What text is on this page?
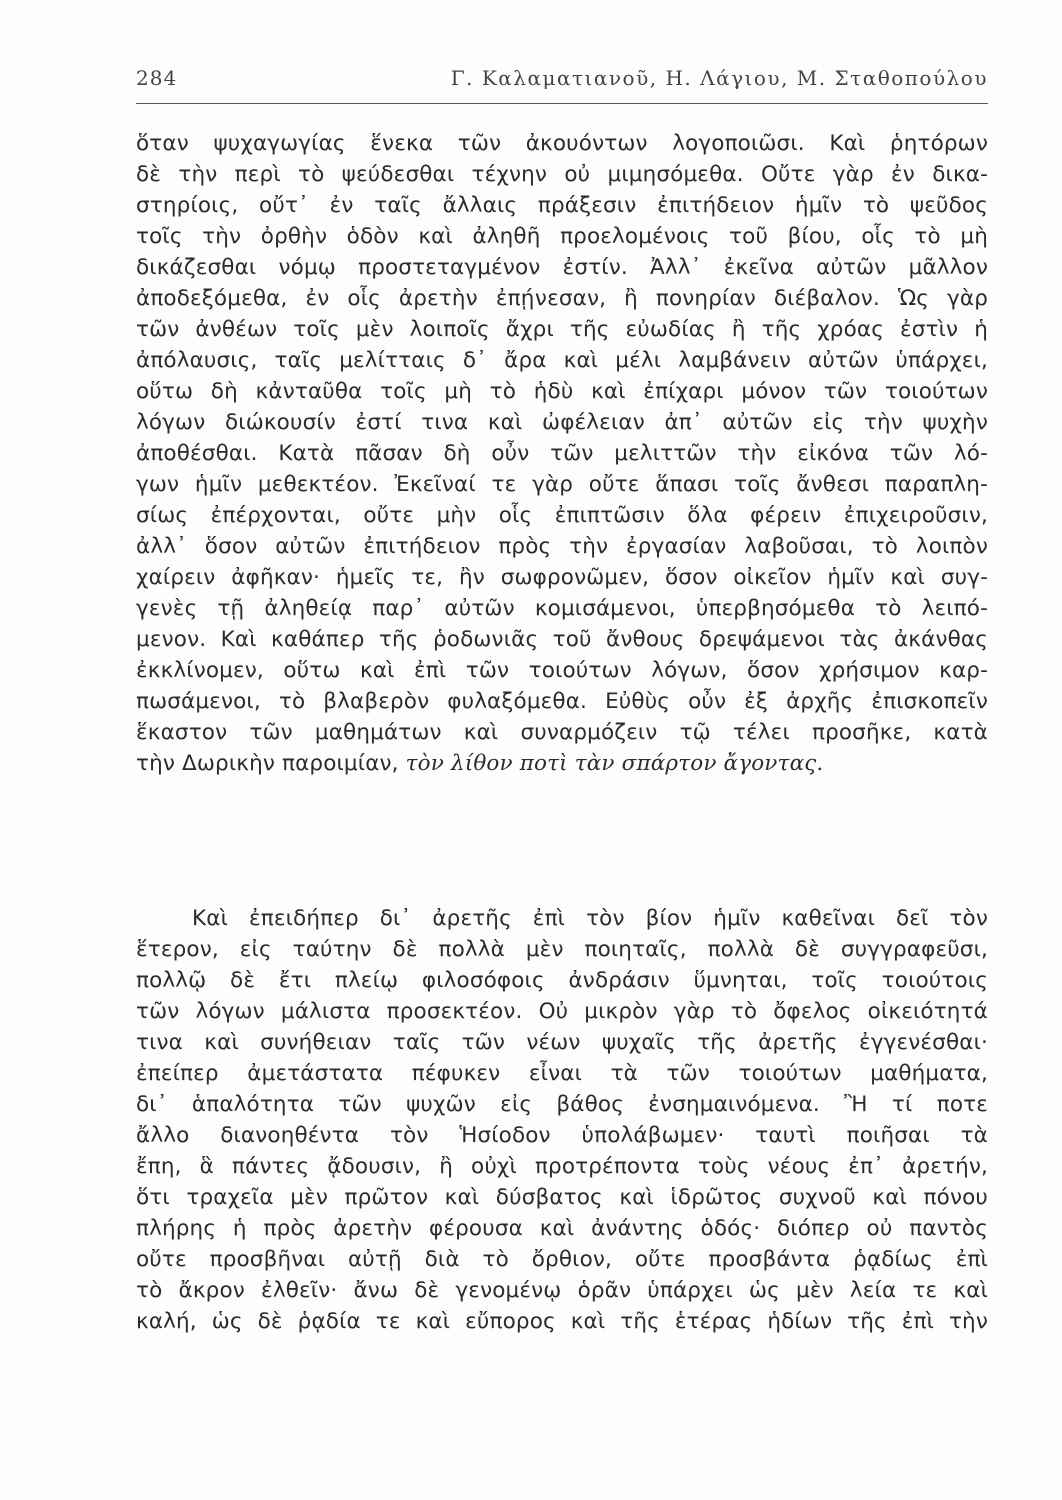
284	Γ. Καλαματιανοῦ, Η. Λάγιου, Μ. Σταθοπούλου
ὅταν ψυχαγωγίας ἕνεκα τῶν ἀκουόντων λογοποιῶσι. Καὶ ῥητόρων
δὲ τὴν περὶ τὸ ψεύδεσθαι τέχνην οὐ μιμησόμεθα. Οὔτε γὰρ ἐν δικα-
στηρίοις, οὔτ᾽ ἐν ταῖς ἄλλαις πράξεσιν ἐπιτήδειον ἡμῖν τὸ ψεῦδος
τοῖς τὴν ὀρθὴν ὁδὸν καὶ ἀληθῆ προελομένοις τοῦ βίου, οἷς τὸ μὴ
δικάζεσθαι νόμῳ προστεταγμένον ἐστίν. Ἀλλ᾽ ἐκεῖνα αὐτῶν μᾶλλον
ἀποδεξόμεθα, ἐν οἷς ἀρετὴν ἐπῄνεσαν, ἢ πονηρίαν διέβαλον. Ὡς γὰρ
τῶν ἀνθέων τοῖς μὲν λοιποῖς ἄχρι τῆς εὐωδίας ἢ τῆς χρόας ἐστὶν ἡ
ἀπόλαυσις, ταῖς μελίτταις δ᾽ ἄρα καὶ μέλι λαμβάνειν αὐτῶν ὑπάρχει,
οὕτω δὴ κἀνταῦθα τοῖς μὴ τὸ ἡδὺ καὶ ἐπίχαρι μόνον τῶν τοιούτων
λόγων διώκουσίν ἐστί τινα καὶ ὠφέλειαν ἀπ᾽ αὐτῶν εἰς τὴν ψυχὴν
ἀποθέσθαι. Κατὰ πᾶσαν δὴ οὖν τῶν μελιττῶν τὴν εἰκόνα τῶν λό-
γων ἡμῖν μεθεκτέον. Ἐκεῖναί τε γὰρ οὔτε ἅπασι τοῖς ἄνθεσι παραπλη-
σίως ἐπέρχονται, οὔτε μὴν οἷς ἐπιπτῶσιν ὅλα φέρειν ἐπιχειροῦσιν,
ἀλλ᾽ ὅσον αὐτῶν ἐπιτήδειον πρὸς τὴν ἐργασίαν λαβοῦσαι, τὸ λοιπὸν
χαίρειν ἀφῆκαν· ἡμεῖς τε, ἢν σωφρονῶμεν, ὅσον οἰκεῖον ἡμῖν καὶ συγ-
γενὲς τῇ ἀληθείᾳ παρ᾽ αὐτῶν κομισάμενοι, ὑπερβησόμεθα τὸ λειπό-
μενον. Καὶ καθάπερ τῆς ῥοδωνιᾶς τοῦ ἄνθους δρεψάμενοι τὰς ἀκάνθας
ἐκκλίνομεν, οὕτω καὶ ἐπὶ τῶν τοιούτων λόγων, ὅσον χρήσιμον καρ-
πωσάμενοι, τὸ βλαβερὸν φυλαξόμεθα. Εὐθὺς οὖν ἐξ ἀρχῆς ἐπισκοπεῖν
ἕκαστον τῶν μαθημάτων καὶ συναρμόζειν τῷ τέλει προσῆκε, κατὰ
τὴν Δωρικὴν παροιμίαν, τὸν λίθον ποτὶ τὰν σπάρτον ἄγοντας.
Καὶ ἐπειδήπερ δι᾽ ἀρετῆς ἐπὶ τὸν βίον ἡμῖν καθεῖναι δεῖ τὸν
ἕτερον, εἰς ταύτην δὲ πολλὰ μὲν ποιηταῖς, πολλὰ δὲ συγγραφεῦσι,
πολλῷ δὲ ἔτι πλείῳ φιλοσόφοις ἀνδράσιν ὕμνηται, τοῖς τοιούτοις
τῶν λόγων μάλιστα προσεκτέον. Οὐ μικρὸν γὰρ τὸ ὄφελος οἰκειότητά
τινα καὶ συνήθειαν ταῖς τῶν νέων ψυχαῖς τῆς ἀρετῆς ἐγγενέσθαι·
ἐπείπερ ἀμετάστατα πέφυκεν εἶναι τὰ τῶν τοιούτων μαθήματα,
δι᾽ ἁπαλότητα τῶν ψυχῶν εἰς βάθος ἐνσημαινόμενα. Ἢ τί ποτε
ἄλλο διανοηθέντα τὸν Ἡσίοδον ὑπολάβωμεν· ταυτὶ ποιῆσαι τὰ
ἔπη, ἃ πάντες ᾄδουσιν, ἢ οὐχὶ προτρέποντα τοὺς νέους ἐπ᾽ ἀρετήν,
ὅτι τραχεῖα μὲν πρῶτον καὶ δύσβατος καὶ ἱδρῶτος συχνοῦ καὶ πόνου
πλήρης ἡ πρὸς ἀρετὴν φέρουσα καὶ ἀνάντης ὁδός· διόπερ οὐ παντὸς
οὔτε προσβῆναι αὐτῇ διὰ τὸ ὄρθιον, οὔτε προσβάντα ῥᾳδίως ἐπὶ
τὸ ἄκρον ἐλθεῖν· ἄνω δὲ γενομένῳ ὁρᾶν ὑπάρχει ὡς μὲν λεία τε καὶ
καλή, ὡς δὲ ῥᾳδία τε καὶ εὔπορος καὶ τῆς ἑτέρας ἡδίων τῆς ἐπὶ τὴν
